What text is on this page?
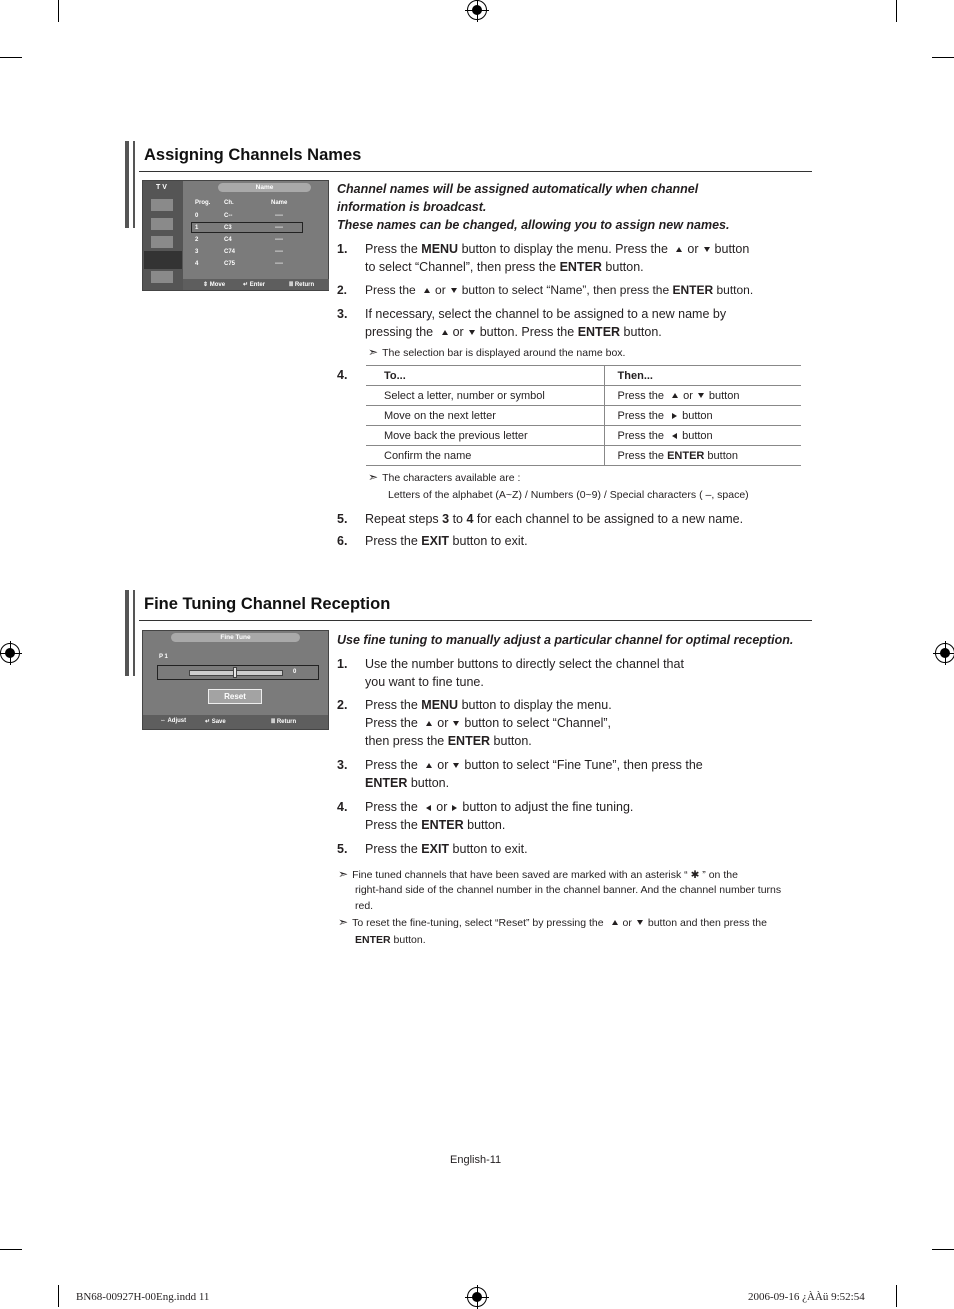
Assigning Channels Names
T V	Name
Prog. Ch.	Name
0	C--	----
1	C3	----
2	C4	----
3	C74	----
4	C75	----
⇕ Move	↵ Enter	Ⅲ Return
Channel names will be assigned automatically when channel
information is broadcast.
These names can be changed, allowing you to assign new names.
1. Press the MENU button to display the menu. Press the or button
to select “Channel”, then press the ENTER button.
2. Press the or button to select “Name”, then press the ENTER button.
3. If necessary, select the channel to be assigned to a new name by
pressing the or button. Press the ENTER button.
➣ The selection bar is displayed around the name box.
4.	To...	Then...
Select a letter, number or symbol	Press the or button
Move on the next letter	Press the button
Move back the previous letter	Press the button
Confirm the name	Press the ENTER button
➣ The characters available are :
Letters of the alphabet (A~Z) / Numbers (0~9) / Special characters ( –, space)
5. Repeat steps 3 to 4 for each channel to be assigned to a new name.
6. Press the EXIT button to exit.
Fine Tuning Channel Reception
Fine Tune
P 1
0
Reset
⇔ Adjust	↵ Save	Ⅲ Return
Use fine tuning to manually adjust a particular channel for optimal reception.
1. Use the number buttons to directly select the channel that
you want to fine tune.
2. Press the MENU button to display the menu.
Press the or button to select “Channel”,
then press the ENTER button.
3. Press the or button to select “Fine Tune”, then press the
ENTER button.
4. Press the or button to adjust the fine tuning.
Press the ENTER button.
5. Press the EXIT button to exit.
➣ Fine tuned channels that have been saved are marked with an asterisk “ ✱ ” on the
right-hand side of the channel number in the channel banner. And the channel number turns
red.
➣ To reset the fine-tuning, select “Reset” by pressing the or button and then press the
ENTER button.
English-11
BN68-00927H-00Eng.indd 11	2006-09-16 ¿ÀÀü 9:52:54
